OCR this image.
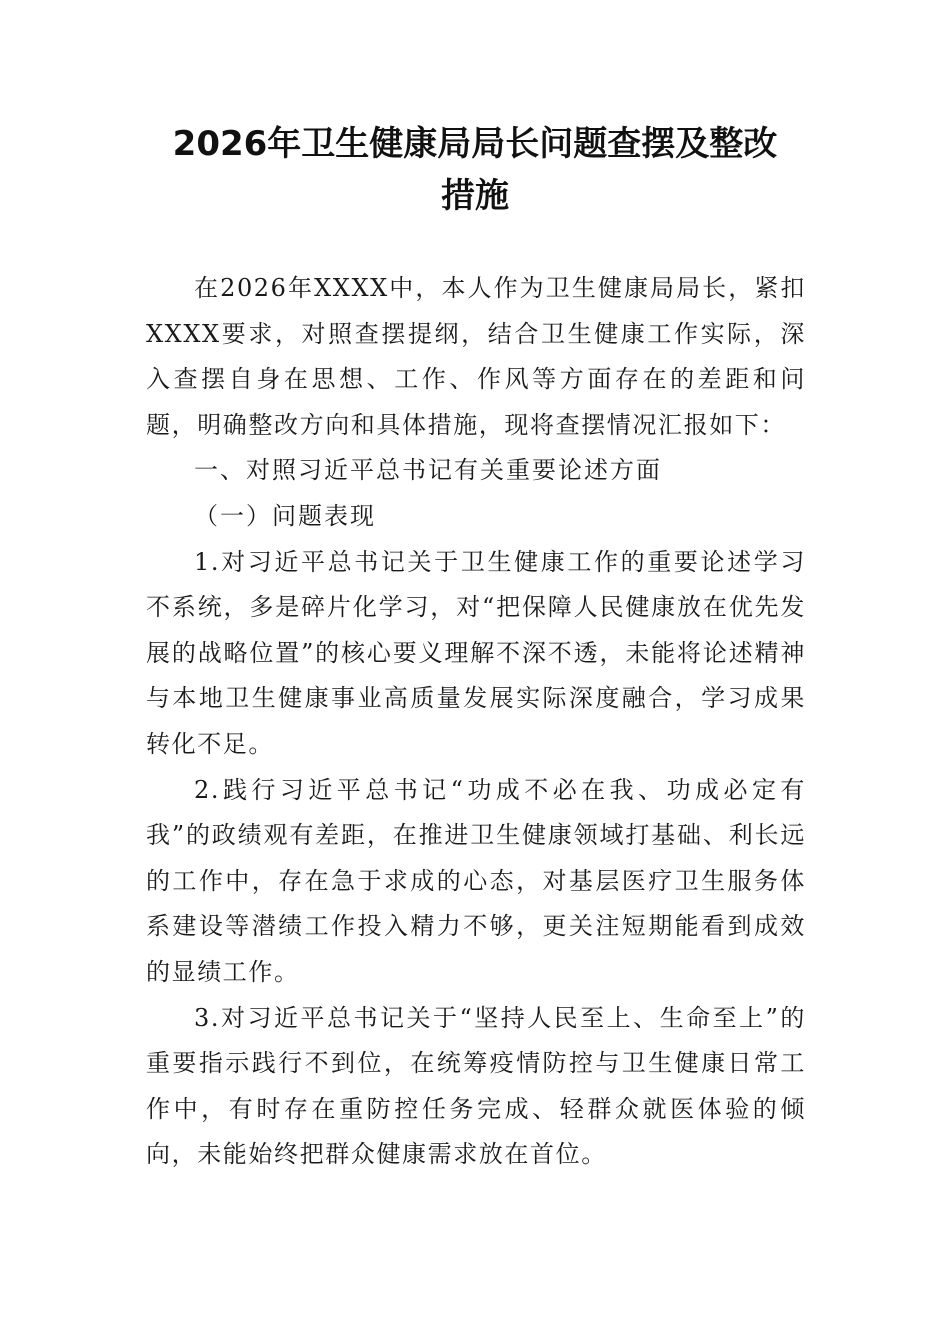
2026年卫生健康局局长问题查摆及整改
措施

在2026年XXXX中，本人作为卫生健康局局长，紧扣XXXX要求，对照查摆提纲，结合卫生健康工作实际，深入查摆自身在思想、工作、作风等方面存在的差距和问题，明确整改方向和具体措施，现将查摆情况汇报如下：

一、对照习近平总书记有关重要论述方面

（一）问题表现

1.对习近平总书记关于卫生健康工作的重要论述学习不系统，多是碎片化学习，对“把保障人民健康放在优先发展的战略位置”的核心要义理解不深不透，未能将论述精神与本地卫生健康事业高质量发展实际深度融合，学习成果转化不足。

2.践行习近平总书记“功成不必在我、功成必定有我”的政绩观有差距，在推进卫生健康领域打基础、利长远的工作中，存在急于求成的心态，对基层医疗卫生服务体系建设等潜绩工作投入精力不够，更关注短期能看到成效的显绩工作。

3.对习近平总书记关于“坚持人民至上、生命至上”的重要指示践行不到位，在统筹疫情防控与卫生健康日常工作中，有时存在重防控任务完成、轻群众就医体验的倾向，未能始终把群众健康需求放在首位。
